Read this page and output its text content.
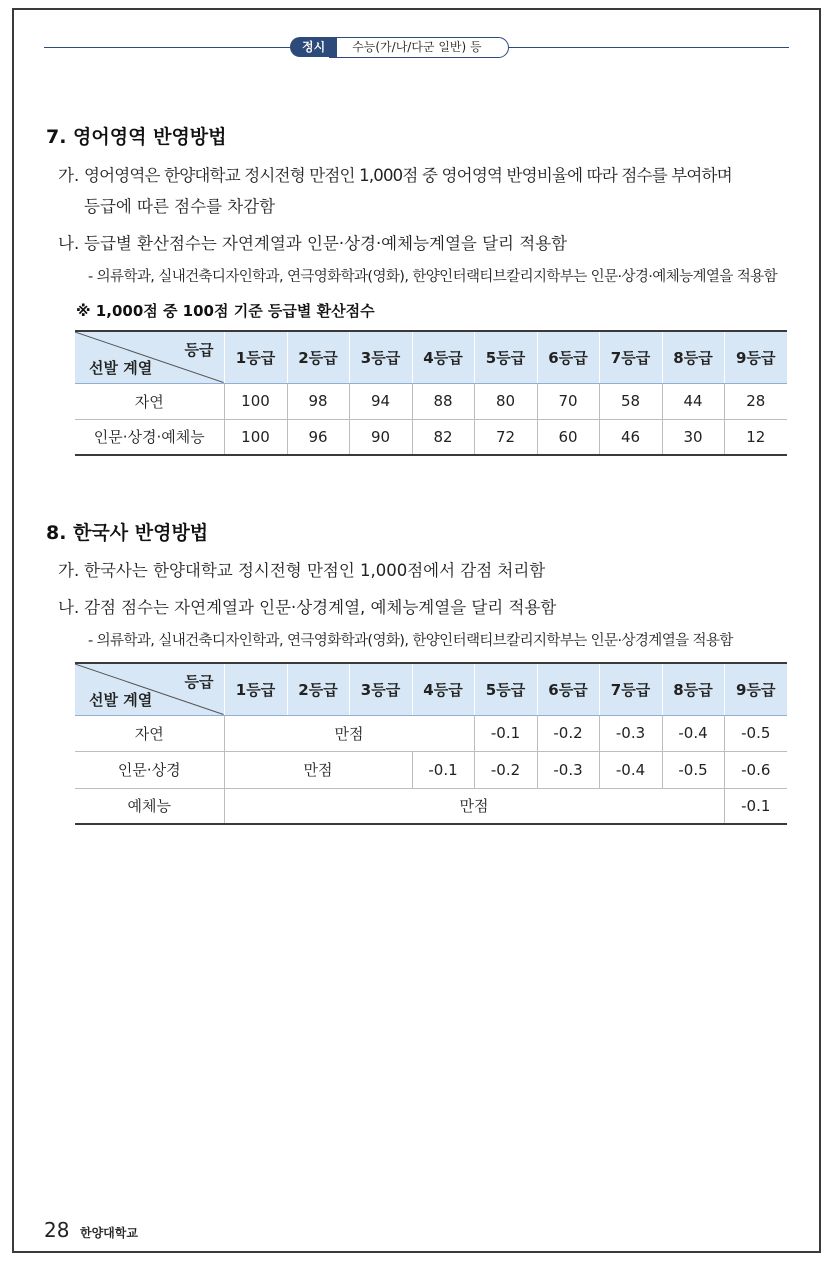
정시	수능(가/나/다군 일반) 등
7. 영어영역 반영방법
가. 영어영역은 한양대학교 정시전형 만점인 1,000점 중 영어영역 반영비율에 따라 점수를 부여하며
등급에 따른 점수를 차감함
나. 등급별 환산점수는 자연계열과 인문·상경·예체능계열을 달리 적용함
- 의류학과, 실내건축디자인학과, 연극영화학과(영화), 한양인터랙티브칼리지학부는 인문·상경·예체능계열을 적용함
※ 1,000점 중 100점 기준 등급별 환산점수
등급
선발 계열	1등급	2등급	3등급	4등급	5등급	6등급	7등급	8등급	9등급
자연	100	98	94	88	80	70	58	44	28
인문·상경·예체능	100	96	90	82	72	60	46	30	12
8. 한국사 반영방법
가. 한국사는 한양대학교 정시전형 만점인 1,000점에서 감점 처리함
나. 감점 점수는 자연계열과 인문·상경계열, 예체능계열을 달리 적용함
- 의류학과, 실내건축디자인학과, 연극영화학과(영화), 한양인터랙티브칼리지학부는 인문·상경계열을 적용함
등급
선발 계열	1등급	2등급	3등급	4등급	5등급	6등급	7등급	8등급	9등급
자연	만점				-0.1	-0.2	-0.3	-0.4	-0.5
인문·상경	만점			-0.1	-0.2	-0.3	-0.4	-0.5	-0.6
예체능	만점								-0.1
28 한양대학교
